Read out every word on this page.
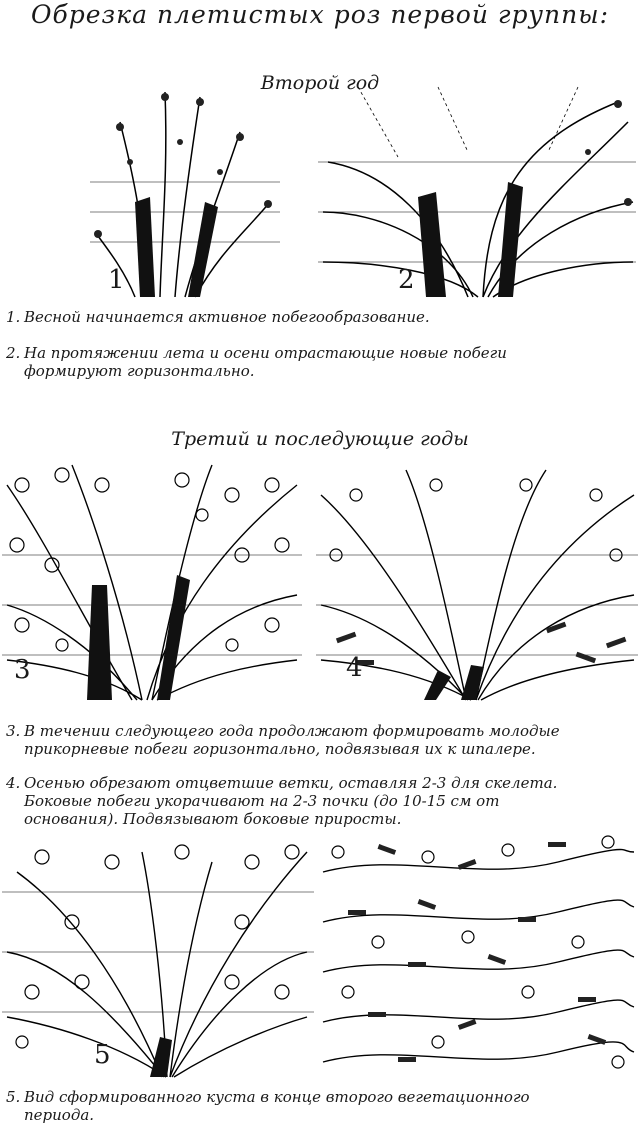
Обрезка плетистых роз первой группы:
Второй год
1	2
1. Весной начинается активное побегообразование.
2. На протяжении лета и осени отрастающие новые побеги
формируют горизонтально.
Третий и последующие годы
3	4
3. В течении следующего года продолжают формировать молодые
прикорневые побеги горизонтально, подвязывая их к шпалере.
4. Осенью обрезают отцветшие ветки, оставляя 2-3 для скелета.
Боковые побеги укорачивают на 2-3 почки (до 10-15 см от
основания). Подвязывают боковые приросты.
5
5. Вид сформированного куста в конце второго вегетационного
периода.
